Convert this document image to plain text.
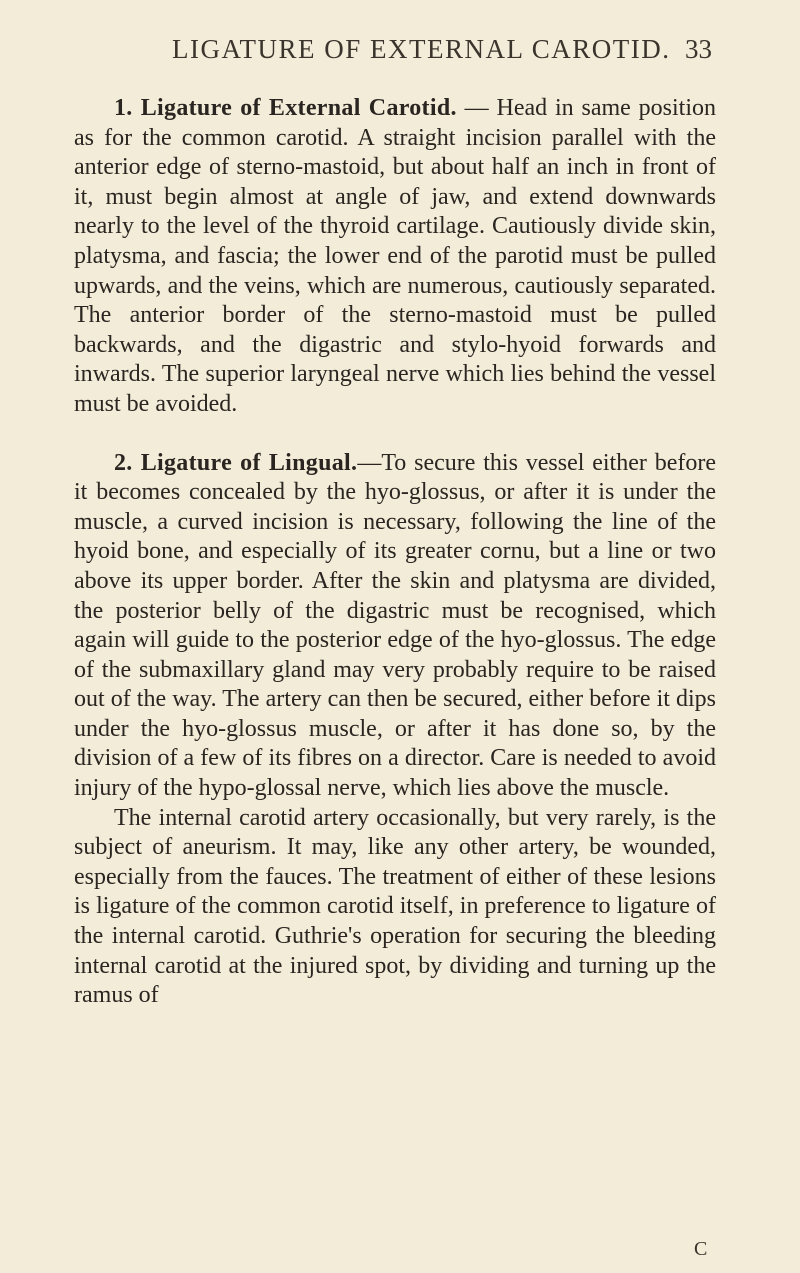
LIGATURE OF EXTERNAL CAROTID. 33

1. Ligature of External Carotid. — Head in same position as for the common carotid. A straight incision parallel with the anterior edge of sterno-mastoid, but about half an inch in front of it, must begin almost at angle of jaw, and extend downwards nearly to the level of the thyroid cartilage. Cautiously divide skin, platysma, and fascia; the lower end of the parotid must be pulled upwards, and the veins, which are numerous, cautiously separated. The anterior border of the sterno-mastoid must be pulled backwards, and the digastric and stylo-hyoid forwards and inwards. The superior laryngeal nerve which lies behind the vessel must be avoided.

2. Ligature of Lingual.—To secure this vessel either before it becomes concealed by the hyo-glossus, or after it is under the muscle, a curved incision is necessary, following the line of the hyoid bone, and especially of its greater cornu, but a line or two above its upper border. After the skin and platysma are divided, the posterior belly of the digastric must be recognised, which again will guide to the posterior edge of the hyo-glossus. The edge of the submaxillary gland may very probably require to be raised out of the way. The artery can then be secured, either before it dips under the hyo-glossus muscle, or after it has done so, by the division of a few of its fibres on a director. Care is needed to avoid injury of the hypo-glossal nerve, which lies above the muscle.

The internal carotid artery occasionally, but very rarely, is the subject of aneurism. It may, like any other artery, be wounded, especially from the fauces. The treatment of either of these lesions is ligature of the common carotid itself, in preference to ligature of the internal carotid. Guthrie's operation for securing the bleeding internal carotid at the injured spot, by dividing and turning up the ramus of

C
